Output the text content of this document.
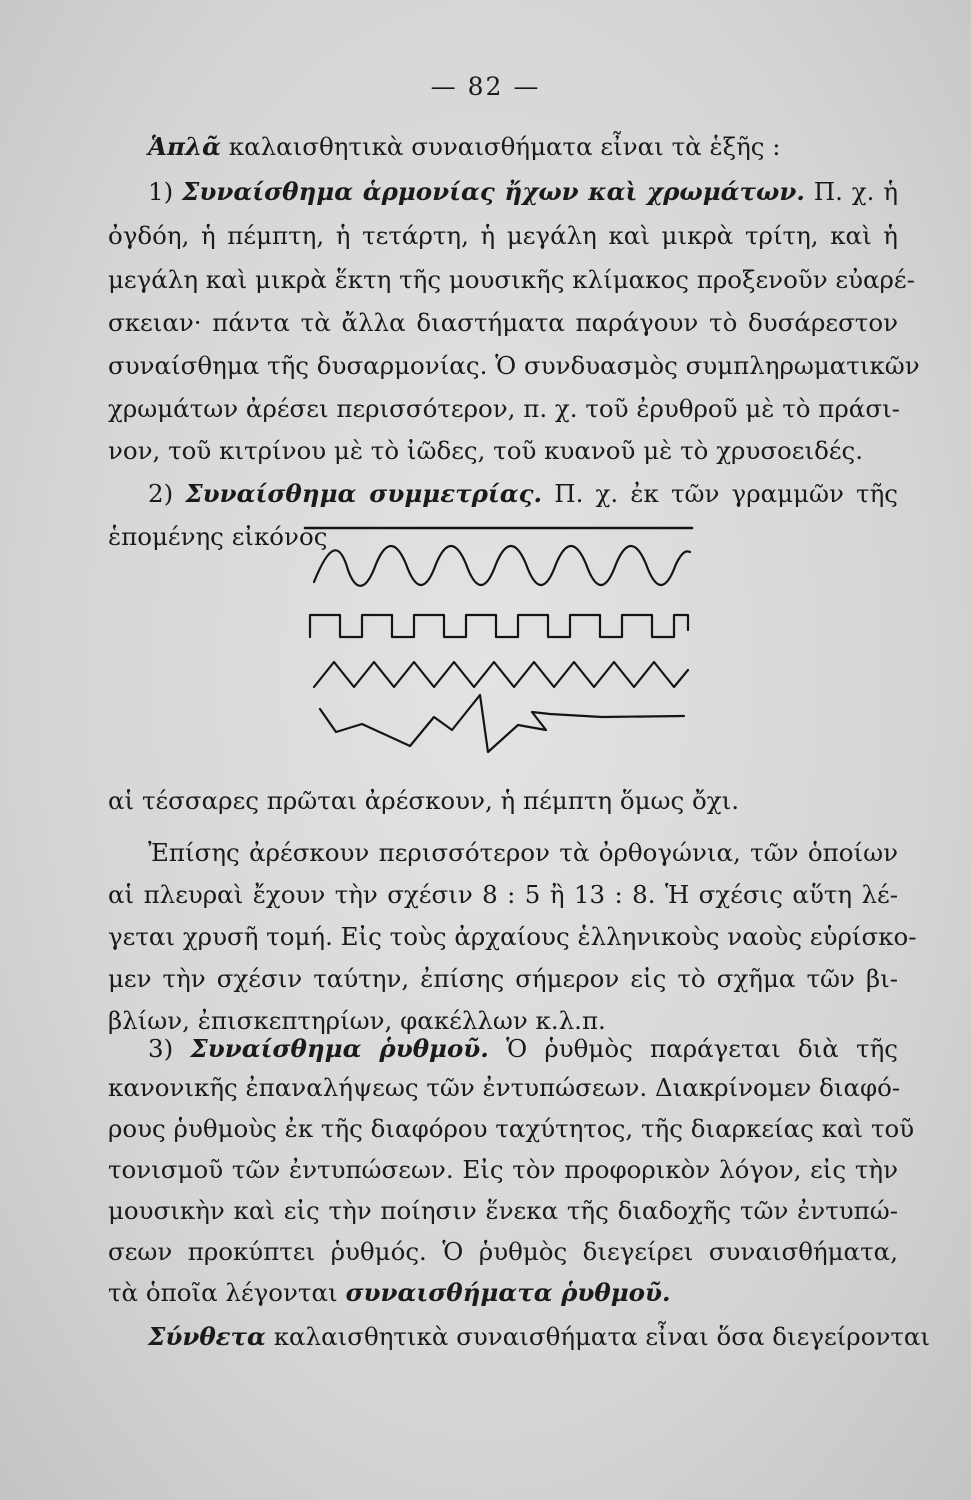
— 82 —
Ἁπλᾶ καλαισθητικὰ συναισθήματα εἶναι τὰ ἑξῆς :
1) Συναίσθημα ἁρμονίας ἤχων καὶ χρωμάτων. Π. χ. ἡ
ὀγδόη, ἡ πέμπτη, ἡ τετάρτη, ἡ μεγάλη καὶ μικρὰ τρίτη, καὶ ἡ
μεγάλη καὶ μικρὰ ἕκτη τῆς μουσικῆς κλίμακος προξενοῦν εὐαρέ-
σκειαν· πάντα τὰ ἄλλα διαστήματα παράγουν τὸ δυσάρεστον
συναίσθημα τῆς δυσαρμονίας. Ὁ συνδυασμὸς συμπληρωματικῶν
χρωμάτων ἀρέσει περισσότερον, π. χ. τοῦ ἐρυθροῦ μὲ τὸ πράσι-
νον, τοῦ κιτρίνου μὲ τὸ ἰῶδες, τοῦ κυανοῦ μὲ τὸ χρυσοειδές.
2) Συναίσθημα συμμετρίας. Π. χ. ἐκ τῶν γραμμῶν τῆς
ἑπομένης εἰκόνος
αἱ τέσσαρες πρῶται ἀρέσκουν, ἡ πέμπτη ὅμως ὄχι.
Ἐπίσης ἀρέσκουν περισσότερον τὰ ὀρθογώνια, τῶν ὁποίων
αἱ πλευραὶ ἔχουν τὴν σχέσιν 8 : 5 ἢ 13 : 8. Ἡ σχέσις αὕτη λέ-
γεται χρυσῆ τομή. Εἰς τοὺς ἀρχαίους ἑλληνικοὺς ναοὺς εὑρίσκο-
μεν τὴν σχέσιν ταύτην, ἐπίσης σήμερον εἰς τὸ σχῆμα τῶν βι-
βλίων, ἐπισκεπτηρίων, φακέλλων κ.λ.π.
3) Συναίσθημα ῥυθμοῦ. Ὁ ῥυθμὸς παράγεται διὰ τῆς
κανονικῆς ἐπαναλήψεως τῶν ἐντυπώσεων. Διακρίνομεν διαφό-
ρους ῥυθμοὺς ἐκ τῆς διαφόρου ταχύτητος, τῆς διαρκείας καὶ τοῦ
τονισμοῦ τῶν ἐντυπώσεων. Εἰς τὸν προφορικὸν λόγον, εἰς τὴν
μουσικὴν καὶ εἰς τὴν ποίησιν ἕνεκα τῆς διαδοχῆς τῶν ἐντυπώ-
σεων προκύπτει ῥυθμός. Ὁ ῥυθμὸς διεγείρει συναισθήματα,
τὰ ὁποῖα λέγονται συναισθήματα ῥυθμοῦ.
Σύνθετα καλαισθητικὰ συναισθήματα εἶναι ὅσα διεγείρονται
